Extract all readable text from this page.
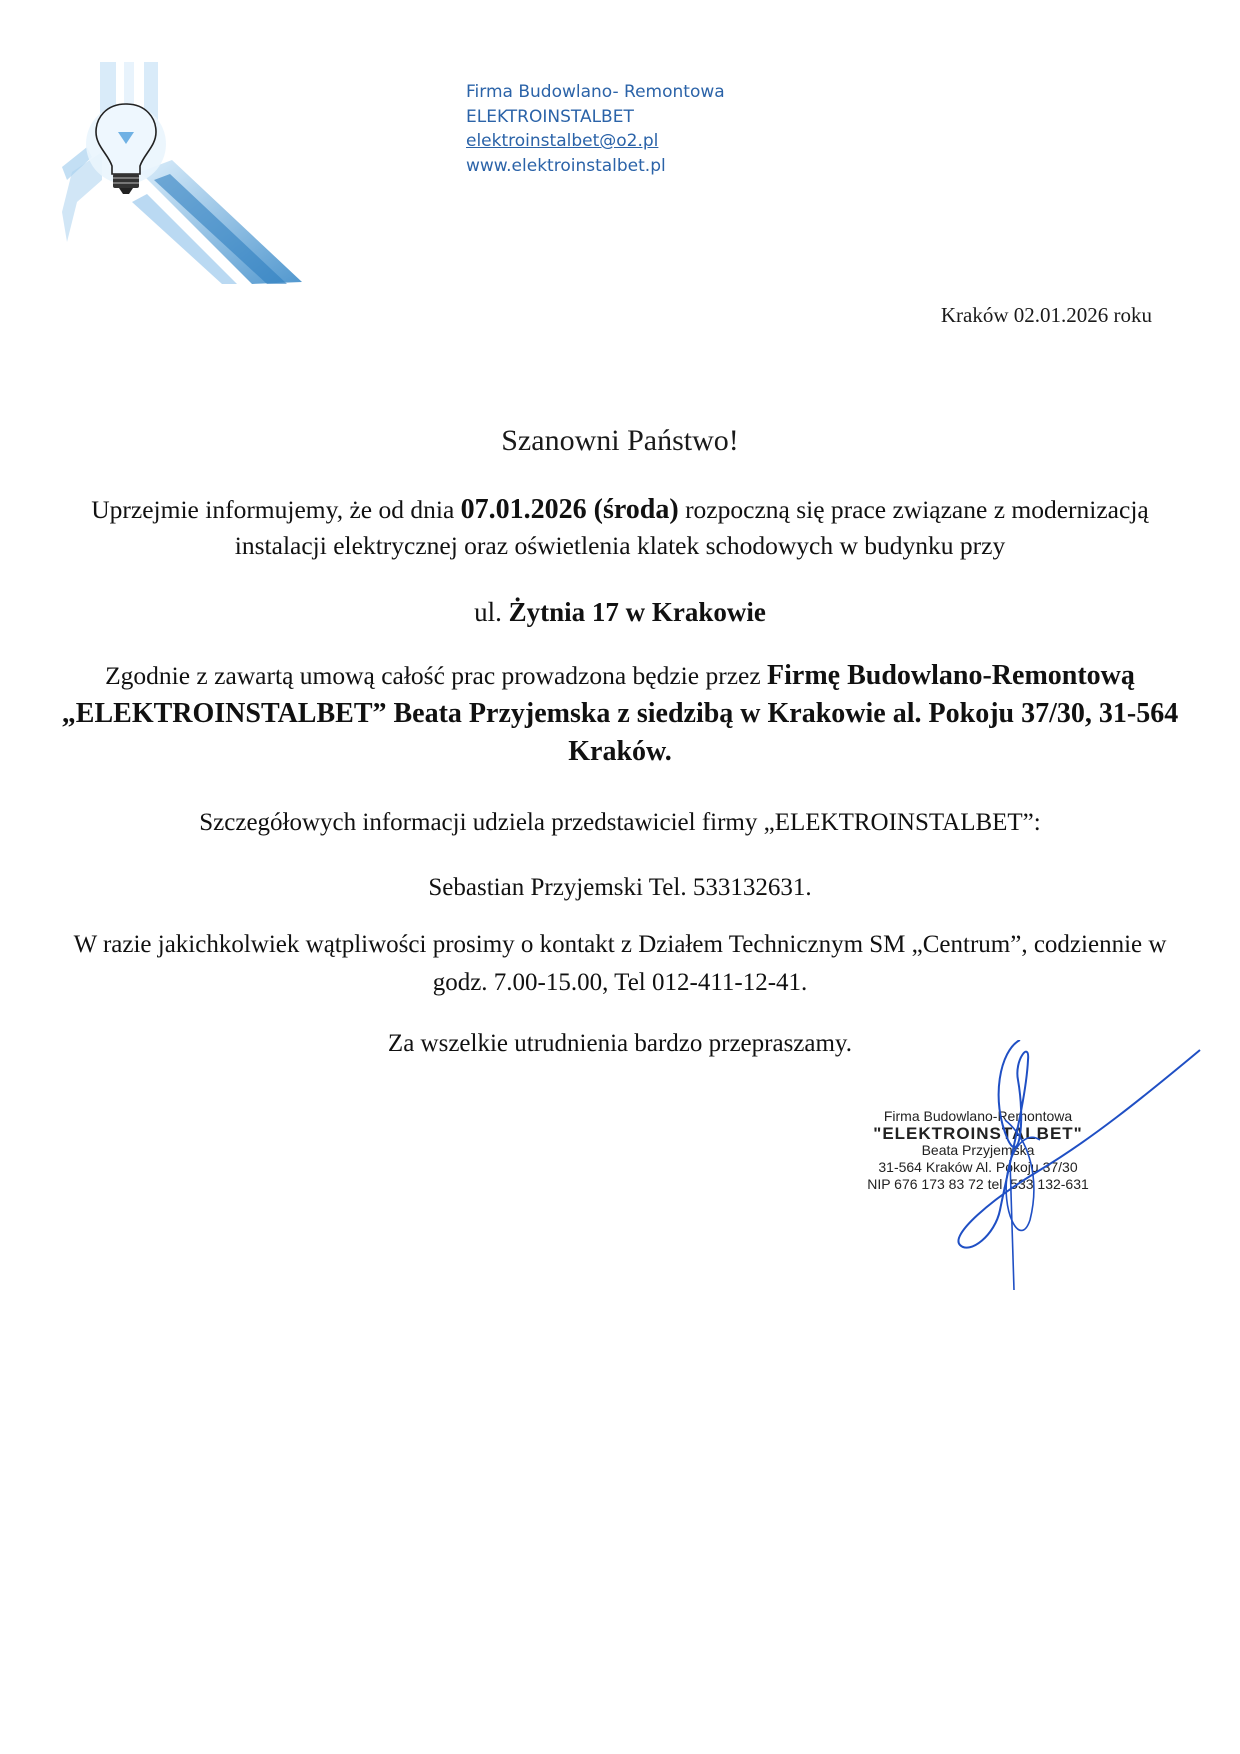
Firma Budowlano- Remontowa
ELEKTROINSTALBET
elektroinstalbet@o2.pl
www.elektroinstalbet.pl
Kraków 02.01.2026 roku
Szanowni Państwo!
Uprzejmie informujemy, że od dnia 07.01.2026 (środa) rozpoczną się prace związane z modernizacją instalacji elektrycznej oraz oświetlenia klatek schodowych w budynku przy
ul. Żytnia 17 w Krakowie
Zgodnie z zawartą umową całość prac prowadzona będzie przez Firmę Budowlano-Remontową „ELEKTROINSTALBET” Beata Przyjemska z siedzibą w Krakowie al. Pokoju 37/30, 31-564 Kraków.
Szczegółowych informacji udziela przedstawiciel firmy „ELEKTROINSTALBET”:
Sebastian Przyjemski Tel. 533132631.
W razie jakichkolwiek wątpliwości prosimy o kontakt z Działem Technicznym SM „Centrum”, codziennie w godz. 7.00-15.00, Tel 012-411-12-41.
Za wszelkie utrudnienia bardzo przepraszamy.
Firma Budowlano-Remontowa
"ELEKTROINSTALBET"
Beata Przyjemska
31-564 Kraków Al. Pokoju 37/30
NIP 676 173 83 72 tel. 533 132-631
